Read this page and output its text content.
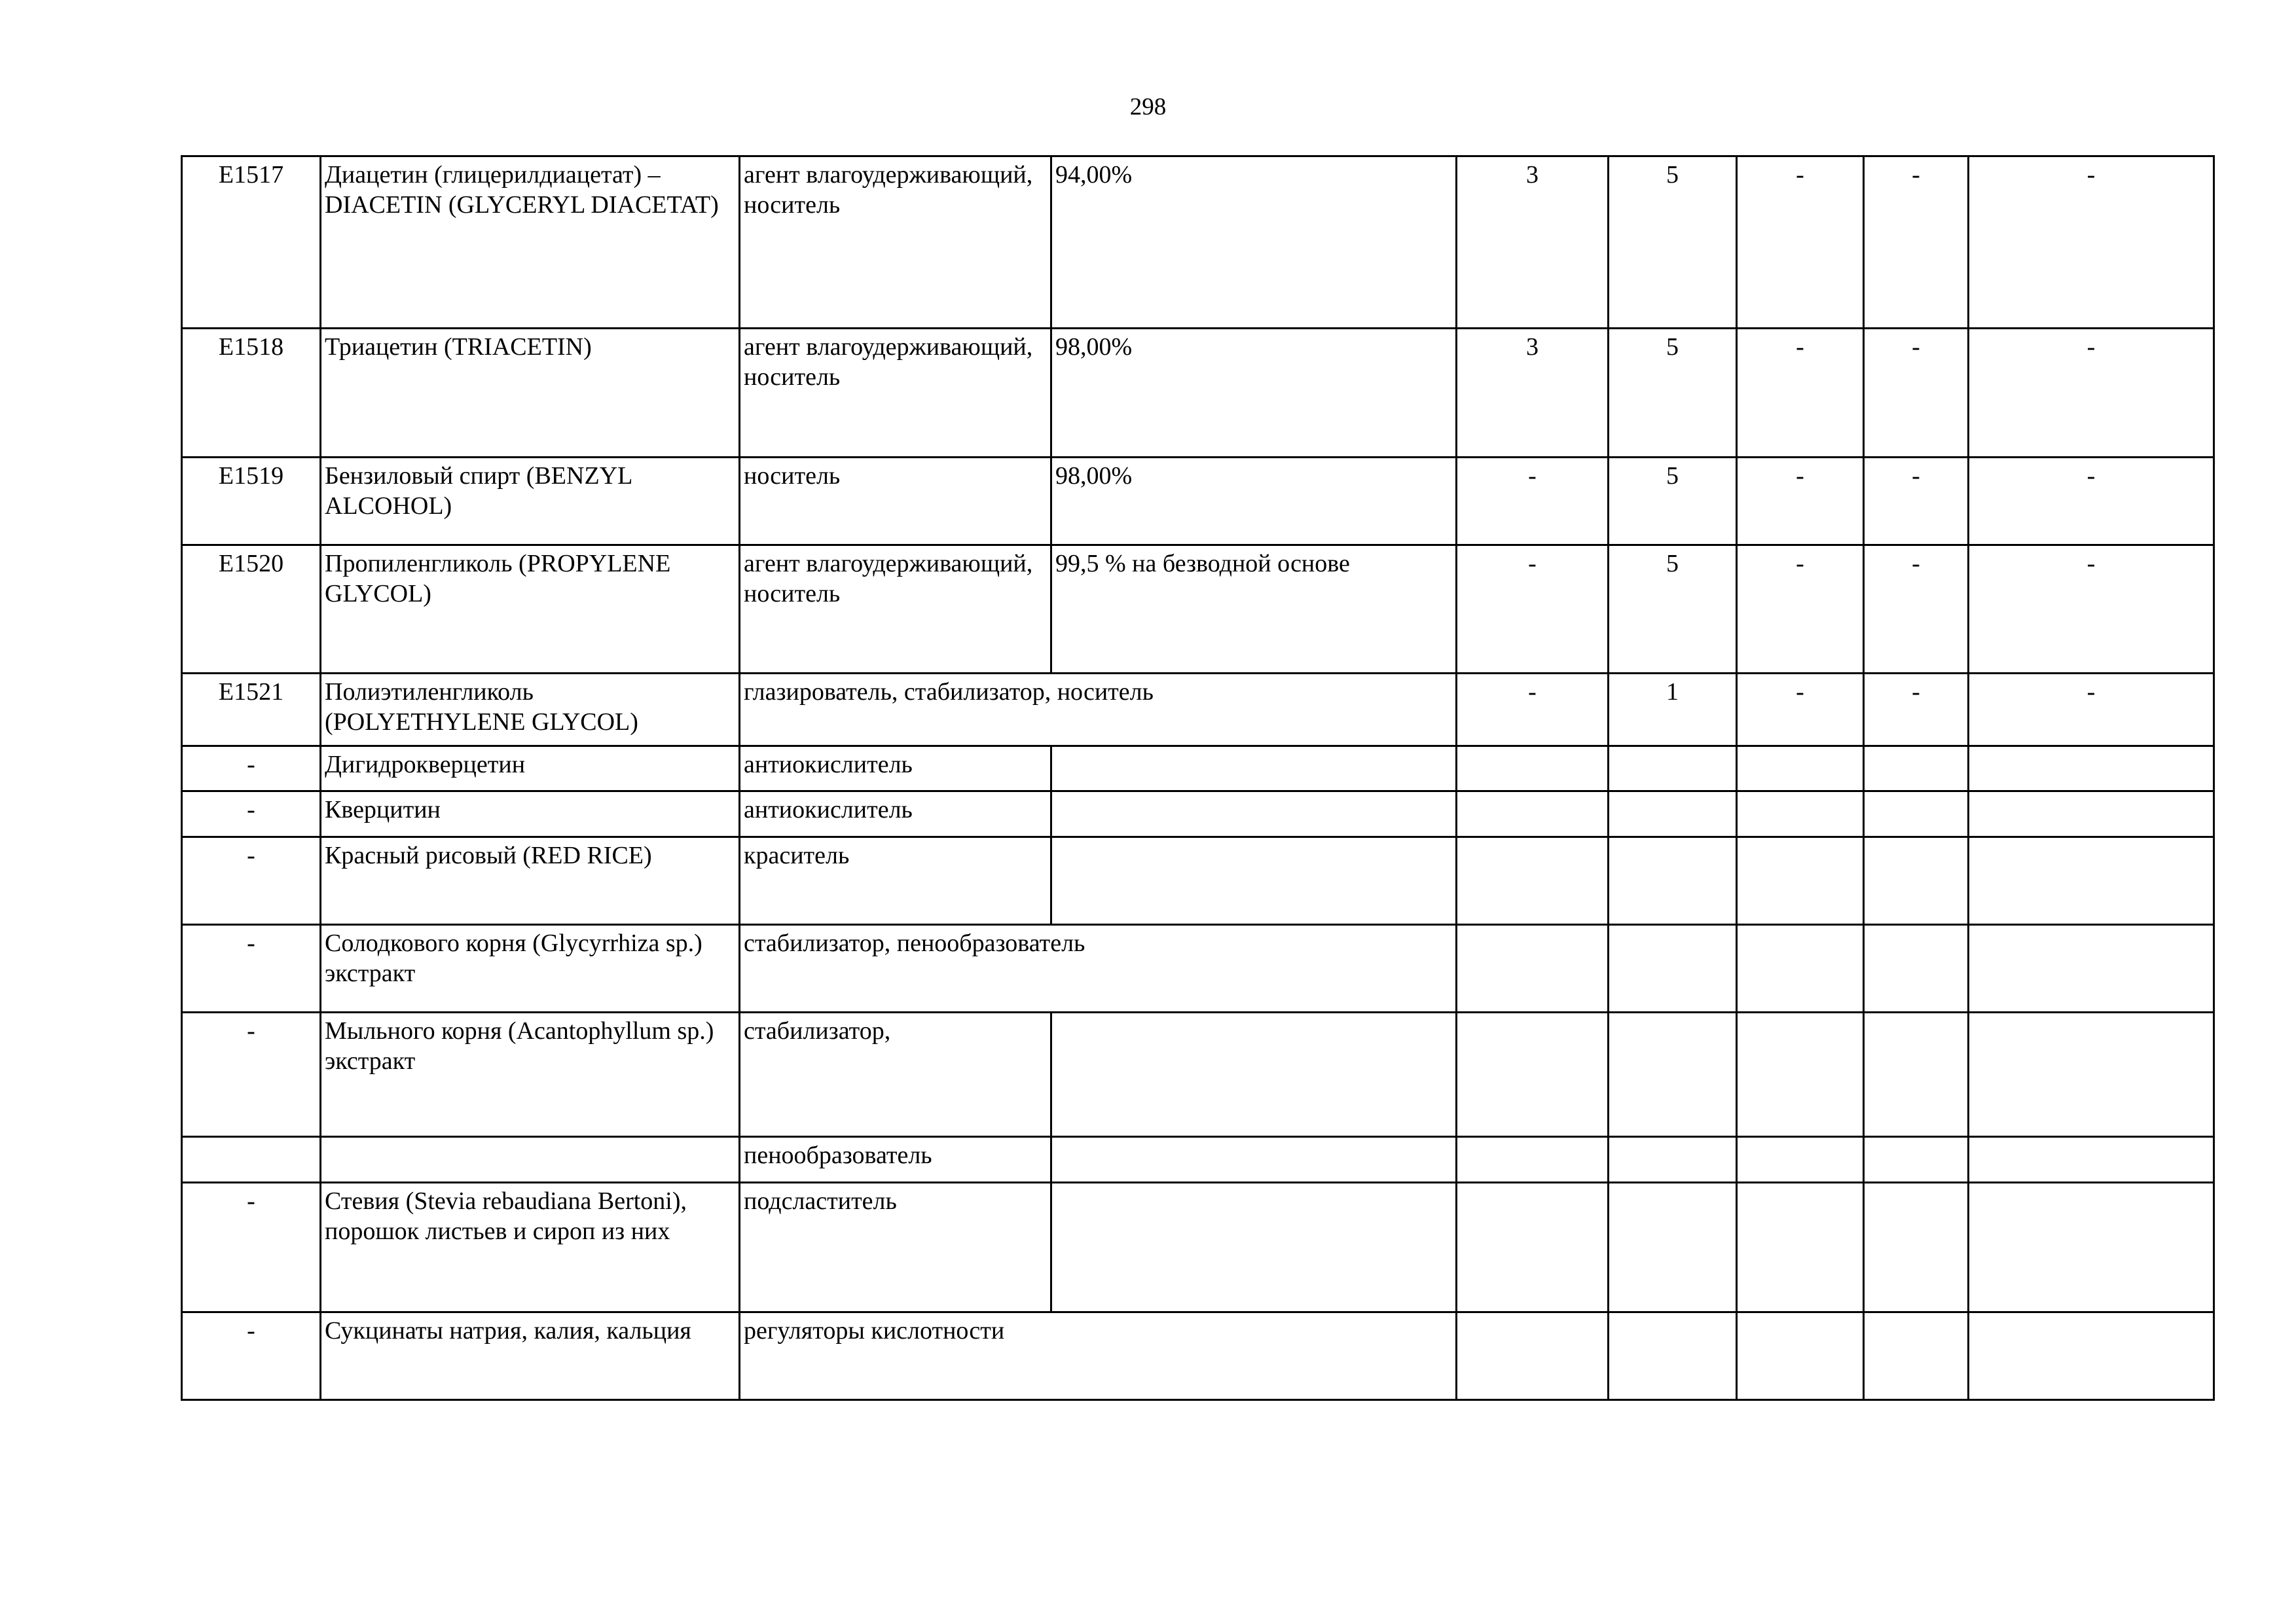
298
E1517	Диацетин (глицерилдиацетат) – DIACETIN (GLYCERYL DIACETAT)	агент влагоудерживающий, носитель	94,00%	3	5	-	-	-
E1518	Триацетин (TRIACETIN)	агент влагоудерживающий, носитель	98,00%	3	5	-	-	-
E1519	Бензиловый спирт (BENZYL ALCOHOL)	носитель	98,00%	-	5	-	-	-
E1520	Пропиленгликоль (PROPYLENE GLYCOL)	агент влагоудерживающий, носитель	99,5 % на безводной основе	-	5	-	-	-
E1521	Полиэтиленгликоль (POLYETHYLENE GLYCOL)	глазирователь, стабилизатор, носитель		-	1	-	-	-
-	Дигидрокверцетин	антиокислитель						
-	Кверцитин	антиокислитель						
-	Красный рисовый (RED RICE)	краситель						
-	Солодкового корня (Glycyrrhiza sp.) экстракт	стабилизатор, пенообразователь						
-	Мыльного корня (Acantophyllum sp.) экстракт	стабилизатор,						
		пенообразователь						
-	Стевия (Stevia rebaudiana Bertoni), порошок листьев и сироп из них	подсластитель						
-	Сукцинаты натрия, калия, кальция	регуляторы кислотности						
